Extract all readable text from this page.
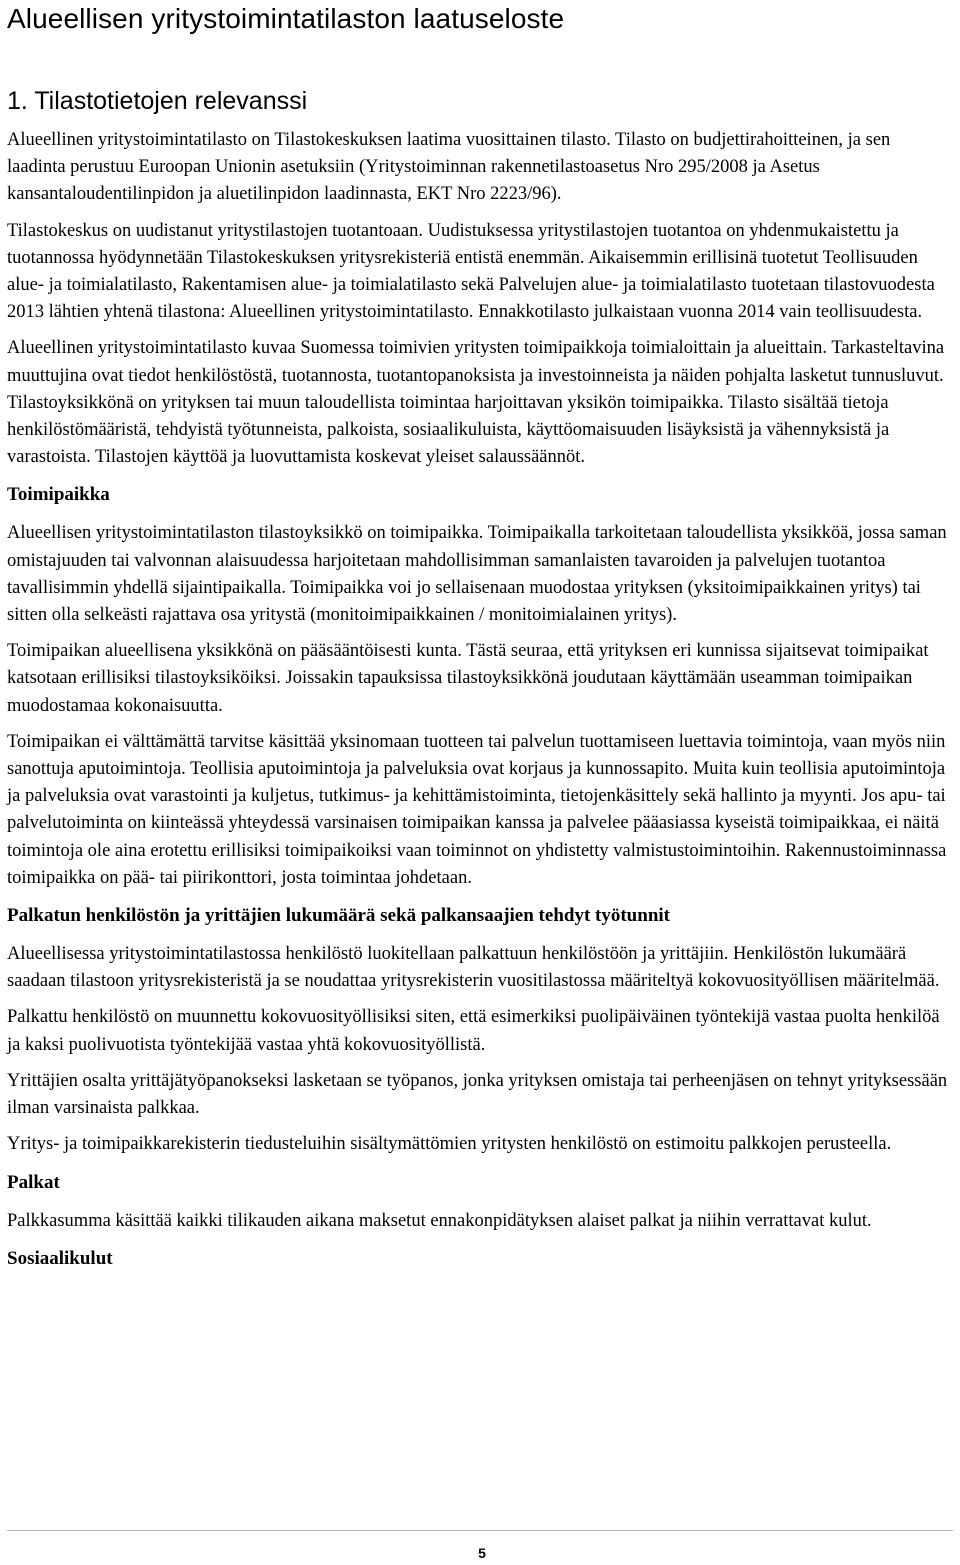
Alueellisen yritystoimintatilaston laatuseloste
1. Tilastotietojen relevanssi

Alueellinen yritystoimintatilasto on Tilastokeskuksen laatima vuosittainen tilasto. Tilasto on budjettirahoitteinen, ja sen laadinta perustuu Euroopan Unionin asetuksiin (Yritystoiminnan rakennetilastoasetus Nro 295/2008 ja Asetus kansantaloudentilinpidon ja aluetilinpidon laadinnasta, EKT Nro 2223/96).

Tilastokeskus on uudistanut yritystilastojen tuotantoaan. Uudistuksessa yritystilastojen tuotantoa on yhdenmukaistettu ja tuotannossa hyödynnetään Tilastokeskuksen yritysrekisteriä entistä enemmän. Aikaisemmin erillisinä tuotetut Teollisuuden alue- ja toimialatilasto, Rakentamisen alue- ja toimialatilasto sekä Palvelujen alue- ja toimialatilasto tuotetaan tilastovuodesta 2013 lähtien yhtenä tilastona: Alueellinen yritystoimintatilasto. Ennakkotilasto julkaistaan vuonna 2014 vain teollisuudesta.

Alueellinen yritystoimintatilasto kuvaa Suomessa toimivien yritysten toimipaikkoja toimialoittain ja alueittain. Tarkasteltavina muuttujina ovat tiedot henkilöstöstä, tuotannosta, tuotantopanoksista ja investoinneista ja näiden pohjalta lasketut tunnusluvut. Tilastoyksikkönä on yrityksen tai muun taloudellista toimintaa harjoittavan yksikön toimipaikka. Tilasto sisältää tietoja henkilöstömääristä, tehdyistä työtunneista, palkoista, sosiaalikuluista, käyttöomaisuuden lisäyksistä ja vähennyksistä ja varastoista. Tilastojen käyttöä ja luovuttamista koskevat yleiset salaussäännöt.

Toimipaikka

Alueellisen yritystoimintatilaston tilastoyksikkö on toimipaikka. Toimipaikalla tarkoitetaan taloudellista yksikköä, jossa saman omistajuuden tai valvonnan alaisuudessa harjoitetaan mahdollisimman samanlaisten tavaroiden ja palvelujen tuotantoa tavallisimmin yhdellä sijaintipaikalla. Toimipaikka voi jo sellaisenaan muodostaa yrityksen (yksitoimipaikkainen yritys) tai sitten olla selkeästi rajattava osa yritystä (monitoimipaikkainen / monitoimialainen yritys).

Toimipaikan alueellisena yksikkönä on pääsääntöisesti kunta. Tästä seuraa, että yrityksen eri kunnissa sijaitsevat toimipaikat katsotaan erillisiksi tilastoyksiköiksi. Joissakin tapauksissa tilastoyksikkönä joudutaan käyttämään useamman toimipaikan muodostamaa kokonaisuutta.

Toimipaikan ei välttämättä tarvitse käsittää yksinomaan tuotteen tai palvelun tuottamiseen luettavia toimintoja, vaan myös niin sanottuja aputoimintoja. Teollisia aputoimintoja ja palveluksia ovat korjaus ja kunnossapito. Muita kuin teollisia aputoimintoja ja palveluksia ovat varastointi ja kuljetus, tutkimus- ja kehittämistoiminta, tietojenkäsittely sekä hallinto ja myynti. Jos apu- tai palvelutoiminta on kiinteässä yhteydessä varsinaisen toimipaikan kanssa ja palvelee pääasiassa kyseistä toimipaikkaa, ei näitä toimintoja ole aina erotettu erillisiksi toimipaikoiksi vaan toiminnot on yhdistetty valmistustoimintoihin. Rakennustoiminnassa toimipaikka on pää- tai piirikonttori, josta toimintaa johdetaan.

Palkatun henkilöstön ja yrittäjien lukumäärä sekä palkansaajien tehdyt työtunnit

Alueellisessa yritystoimintatilastossa henkilöstö luokitellaan palkattuun henkilöstöön ja yrittäjiin. Henkilöstön lukumäärä saadaan tilastoon yritysrekisteristä ja se noudattaa yritysrekisterin vuositilastossa määriteltyä kokovuosityöllisen määritelmää.

Palkattu henkilöstö on muunnettu kokovuosityöllisiksi siten, että esimerkiksi puolipäiväinen työntekijä vastaa puolta henkilöä ja kaksi puolivuotista työntekijää vastaa yhtä kokovuosityöllistä.

Yrittäjien osalta yrittäjätyöpanokseksi lasketaan se työpanos, jonka yrityksen omistaja tai perheenjäsen on tehnyt yrityksessään ilman varsinaista palkkaa.

Yritys- ja toimipaikkarekisterin tiedusteluihin sisältymättömien yritysten henkilöstö on estimoitu palkkojen perusteella.

Palkat

Palkkasumma käsittää kaikki tilikauden aikana maksetut ennakonpidätyksen alaiset palkat ja niihin verrattavat kulut.

Sosiaalikulut
5
